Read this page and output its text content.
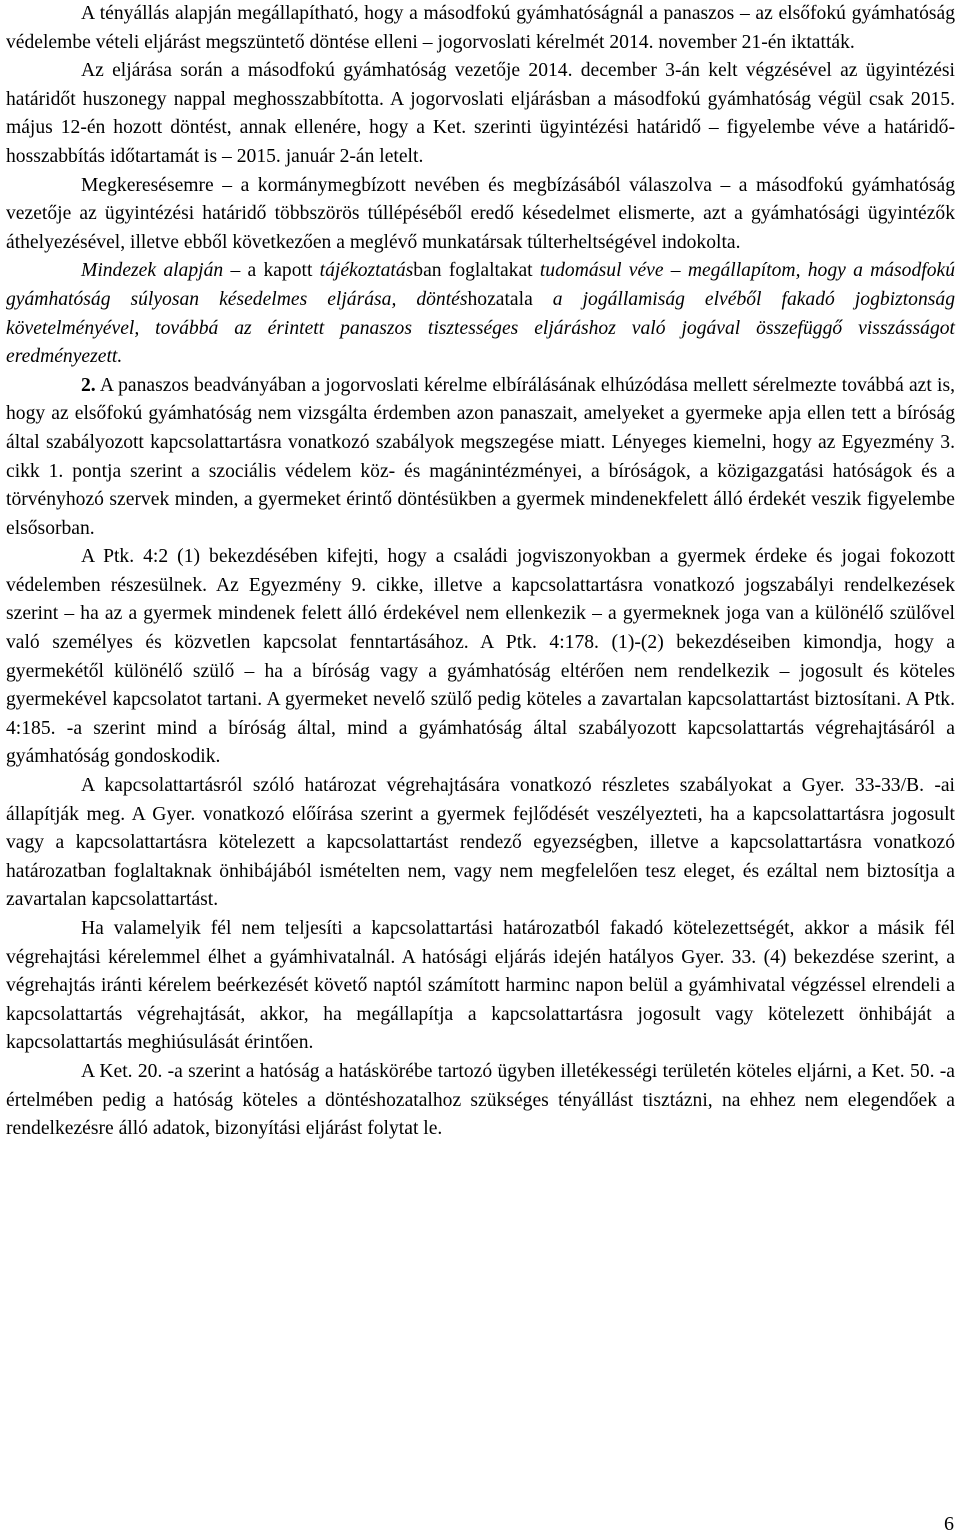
A tényállás alapján megállapítható, hogy a másodfokú gyámhatóságnál a panaszos – az elsőfokú gyámhatóság védelembe vételi eljárást megszüntető döntése elleni – jogorvoslati kérelmét 2014. november 21-én iktatták.

Az eljárása során a másodfokú gyámhatóság vezetője 2014. december 3-án kelt végzésével az ügyintézési határidőt huszonegy nappal meghosszabbította. A jogorvoslati eljárásban a másodfokú gyámhatóság végül csak 2015. május 12-én hozott döntést, annak ellenére, hogy a Ket. szerinti ügyintézési határidő – figyelembe véve a határidő-hosszabbítás időtartamát is – 2015. január 2-án letelt.

Megkeresésemre – a kormánymegbízott nevében és megbízásából válaszolva – a másodfokú gyámhatóság vezetője az ügyintézési határidő többszörös túllépéséből eredő késedelmet elismerte, azt a gyámhatósági ügyintézők áthelyezésével, illetve ebből következően a meglévő munkatársak túlterheltségével indokolta.

Mindezek alapján – a kapott tájékoztatásban foglaltakat tudomásul véve – megállapítom, hogy a másodfokú gyámhatóság súlyosan késedelmes eljárása, döntéshozatala a jogállamiság elvéből fakadó jogbiztonság követelményével, továbbá az érintett panaszos tisztességes eljáráshoz való jogával összefüggő visszásságot eredményezett.

2. A panaszos beadványában a jogorvoslati kérelme elbírálásának elhúzódása mellett sérelmezte továbbá azt is, hogy az elsőfokú gyámhatóság nem vizsgálta érdemben azon panaszait, amelyeket a gyermeke apja ellen tett a bíróság által szabályozott kapcsolattartásra vonatkozó szabályok megszegése miatt. Lényeges kiemelni, hogy az Egyezmény 3. cikk 1. pontja szerint a szociális védelem köz- és magánintézményei, a bíróságok, a közigazgatási hatóságok és a törvényhozó szervek minden, a gyermeket érintő döntésükben a gyermek mindenekfelett álló érdekét veszik figyelembe elsősorban.

A Ptk. 4:2 (1) bekezdésében kifejti, hogy a családi jogviszonyokban a gyermek érdeke és jogai fokozott védelemben részesülnek. Az Egyezmény 9. cikke, illetve a kapcsolattartásra vonatkozó jogszabályi rendelkezések szerint – ha az a gyermek mindenek felett álló érdekével nem ellenkezik – a gyermeknek joga van a különélő szülővel való személyes és közvetlen kapcsolat fenntartásához. A Ptk. 4:178. (1)-(2) bekezdéseiben kimondja, hogy a gyermekétől különélő szülő – ha a bíróság vagy a gyámhatóság eltérően nem rendelkezik – jogosult és köteles gyermekével kapcsolatot tartani. A gyermeket nevelő szülő pedig köteles a zavartalan kapcsolattartást biztosítani. A Ptk. 4:185. -a szerint mind a bíróság által, mind a gyámhatóság által szabályozott kapcsolattartás végrehajtásáról a gyámhatóság gondoskodik.

A kapcsolattartásról szóló határozat végrehajtására vonatkozó részletes szabályokat a Gyer. 33-33/B. -ai állapítják meg. A Gyer. vonatkozó előírása szerint a gyermek fejlődését veszélyezteti, ha a kapcsolattartásra jogosult vagy a kapcsolattartásra kötelezett a kapcsolattartást rendező egyezségben, illetve a kapcsolattartásra vonatkozó határozatban foglaltaknak önhibájából ismételten nem, vagy nem megfelelően tesz eleget, és ezáltal nem biztosítja a zavartalan kapcsolattartást.

Ha valamelyik fél nem teljesíti a kapcsolattartási határozatból fakadó kötelezettségét, akkor a másik fél végrehajtási kérelemmel élhet a gyámhivatalnál. A hatósági eljárás idején hatályos Gyer. 33. (4) bekezdése szerint, a végrehajtás iránti kérelem beérkezését követő naptól számított harminc napon belül a gyámhivatal végzéssel elrendeli a kapcsolattartás végrehajtását, akkor, ha megállapítja a kapcsolattartásra jogosult vagy kötelezett önhibáját a kapcsolattartás meghiúsulását érintően.

A Ket. 20. -a szerint a hatóság a hatáskörébe tartozó ügyben illetékességi területén köteles eljárni, a Ket. 50. -a értelmében pedig a hatóság köteles a döntéshozatalhoz szükséges tényállást tisztázni, na ehhez nem elegendőek a rendelkezésre álló adatok, bizonyítási eljárást folytat le.

6
